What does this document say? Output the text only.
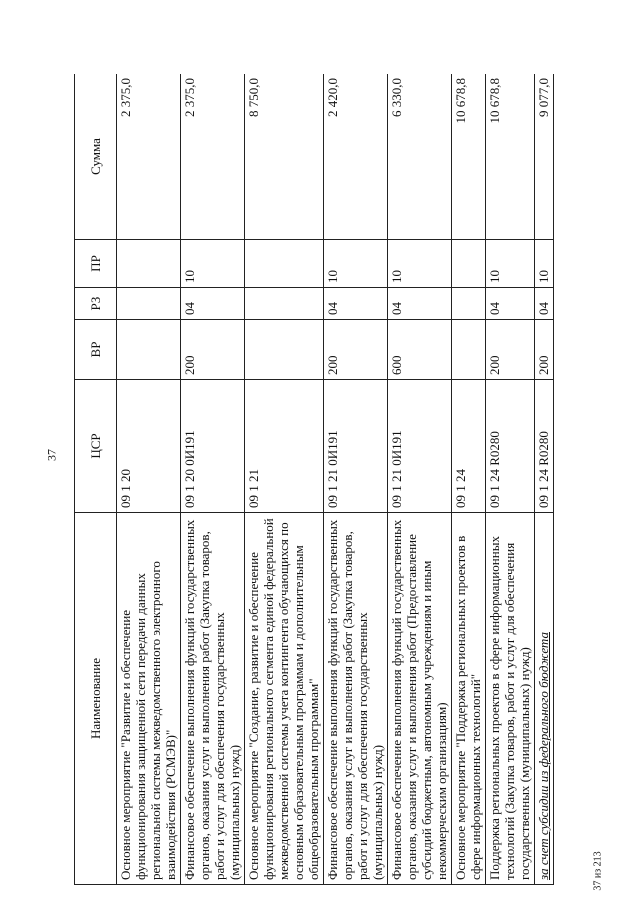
37
Наименование	ЦСР	ВР	РЗ	ПР	Сумма
Основное мероприятие "Развитие и обеспечение функционирования защищенной сети передачи данных региональной системы межведомственного электронного взаимодействия (РСМЭВ)"	09 1 20				2 375,0
Финансовое обеспечение выполнения функций государственных органов, оказания услуг и выполнения работ (Закупка товаров, работ и услуг для обеспечения государственных (муниципальных) нужд)	09 1 20 0И191	200	04	10	2 375,0
Основное мероприятие "Создание, развитие и обеспечение функционирования регионального сегмента единой федеральной межведомственной системы учета контингента обучающихся по основным образовательным программам и дополнительным общеобразовательным программам"	09 1 21				8 750,0
Финансовое обеспечение выполнения функций государственных органов, оказания услуг и выполнения работ (Закупка товаров, работ и услуг для обеспечения государственных (муниципальных) нужд)	09 1 21 0И191	200	04	10	2 420,0
Финансовое обеспечение выполнения функций государственных органов, оказания услуг и выполнения работ (Предоставление субсидий бюджетным, автономным учреждениям и иным некоммерческим организациям)	09 1 21 0И191	600	04	10	6 330,0
Основное мероприятие "Поддержка региональных проектов в сфере информационных технологий"	09 1 24				10 678,8
Поддержка региональных проектов в сфере информационных технологий (Закупка товаров, работ и услуг для обеспечения государственных (муниципальных) нужд)	09 1 24 R0280	200	04	10	10 678,8
за счет субсидии из федерального бюджета	09 1 24 R0280	200	04	10	9 077,0
37 из 213
